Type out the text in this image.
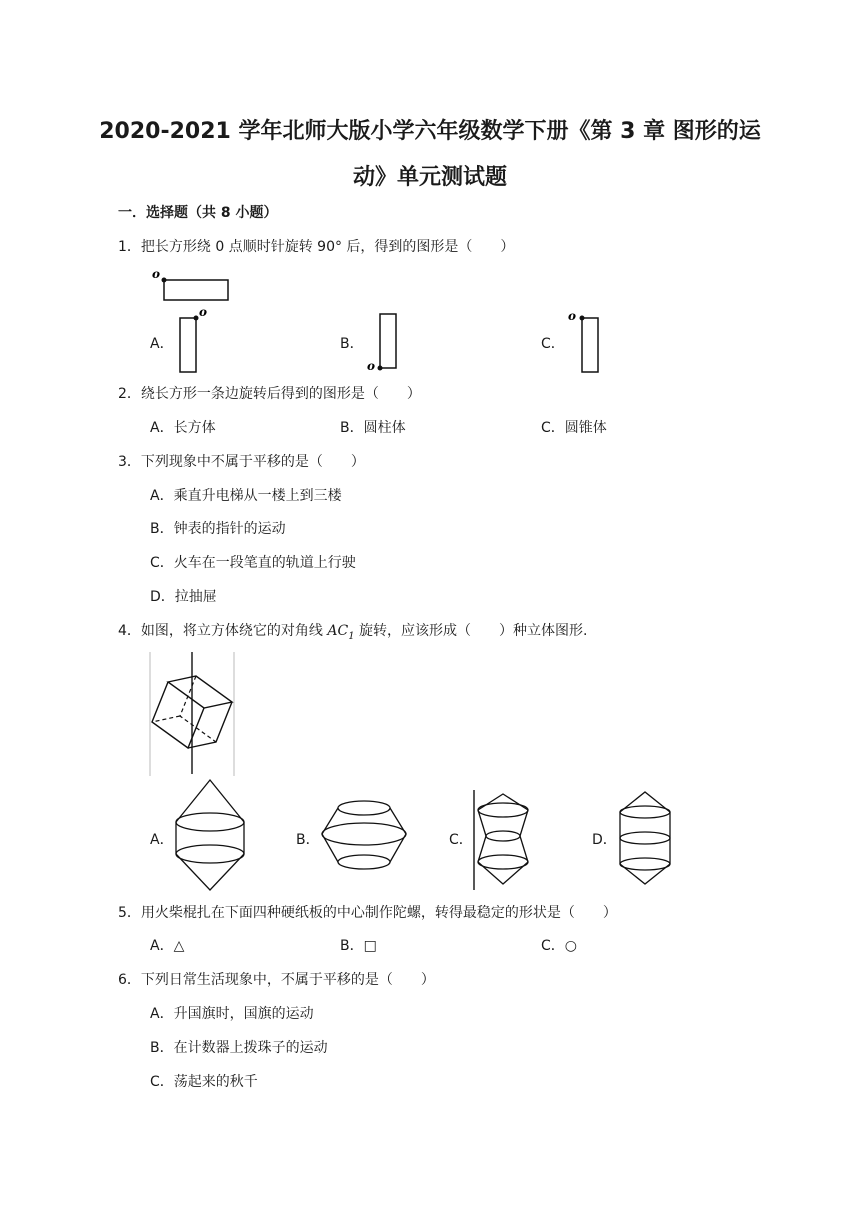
2020-2021 学年北师大版小学六年级数学下册《第 3 章 图形的运
动》单元测试题
一．选择题（共 8 小题）
1．把长方形绕 0 点顺时针旋转 90° 后，得到的图形是（　　）
o
A．
o
B．
o
C．
o
2．绕长方形一条边旋转后得到的图形是（　　）
A．长方体	B．圆柱体	C．圆锥体
3．下列现象中不属于平移的是（　　）
A．乘直升电梯从一楼上到三楼
B．钟表的指针的运动
C．火车在一段笔直的轨道上行驶
D．拉抽屉
4．如图，将立方体绕它的对角线 $AC_1$ 旋转，应该形成（　　）种立体图形.
A．	B．	C．	D．
5．用火柴棍扎在下面四种硬纸板的中心制作陀螺，转得最稳定的形状是（　　）
A．△	B．□	C．○
6．下列日常生活现象中，不属于平移的是（　　）
A．升国旗时，国旗的运动
B．在计数器上拨珠子的运动
C．荡起来的秋千
